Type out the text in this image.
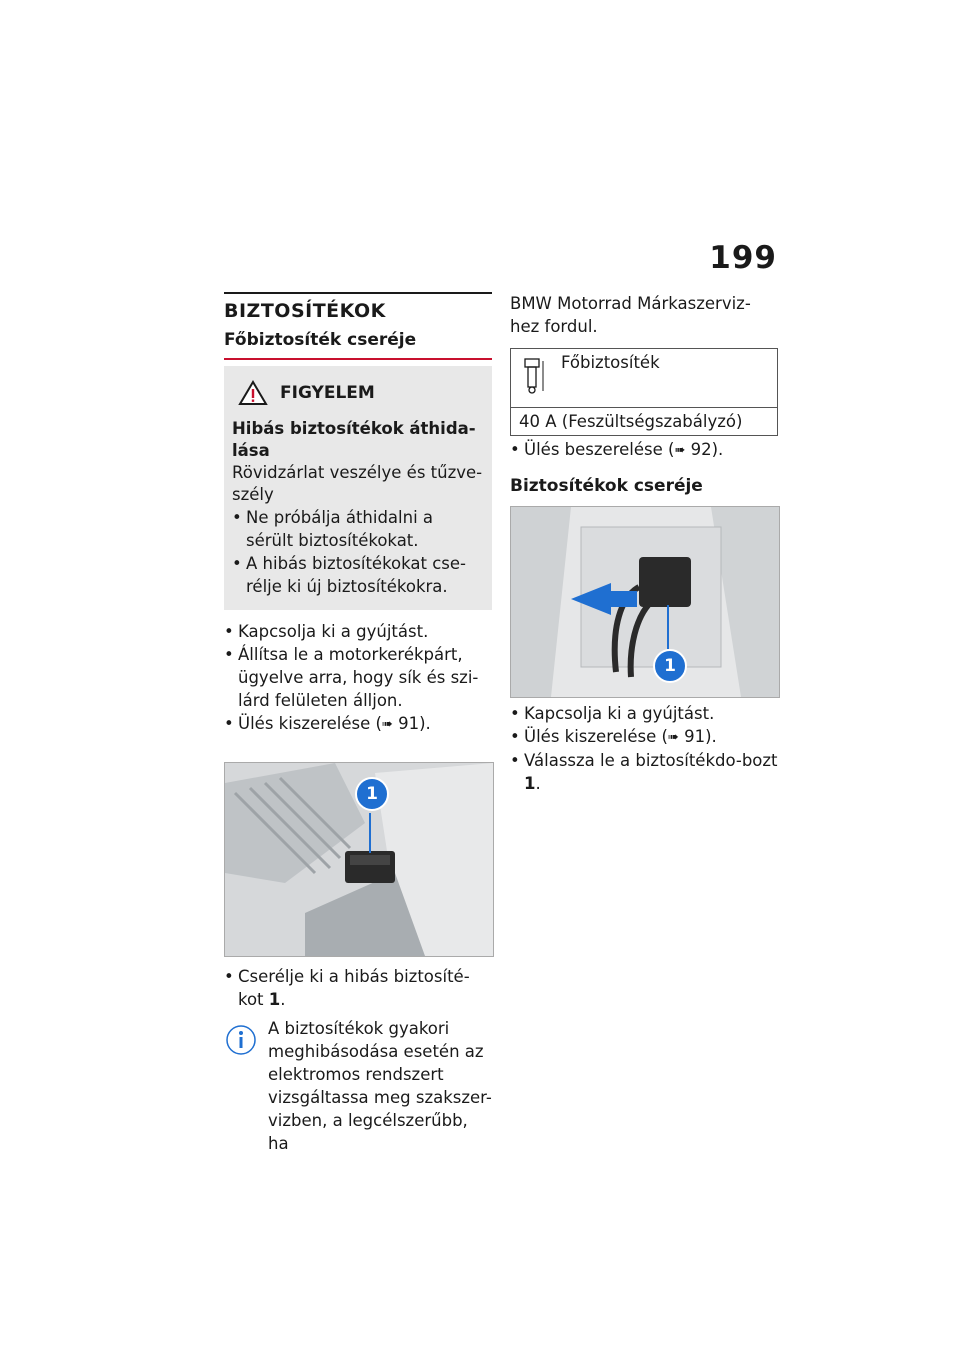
199
BIZTOSÍTÉKOK
Főbiztosíték cseréje
FIGYELEM
Hibás biztosítékok áthida-lása

Rövidzárlat veszélye és tűzve-szély

• Ne próbálja áthidalni a sérült biztosítékokat.
• A hibás biztosítékokat cse-rélje ki új biztosítékokra.
• Kapcsolja ki a gyújtást.
• Állítsa le a motorkerékpárt, ügyelve arra, hogy sík és szi-lárd felületen álljon.
• Ülés kiszerelése (➠ 91).
1
• Cserélje ki a hibás biztosíté-kot 1.
A biztosítékok gyakori meghibásodása esetén az elektromos rendszert vizsgáltassa meg szakszer-vizben, a legcélszerűbb, ha
BMW Motorrad Márkaszerviz-hez fordul.
Főbiztosíték
40 A (Feszültségszabályzó)
• Ülés beszerelése (➠ 92).
Biztosítékok cseréje
1
• Kapcsolja ki a gyújtást.
• Ülés kiszerelése (➠ 91).
• Válassza le a biztosítékdo-bozt 1.
